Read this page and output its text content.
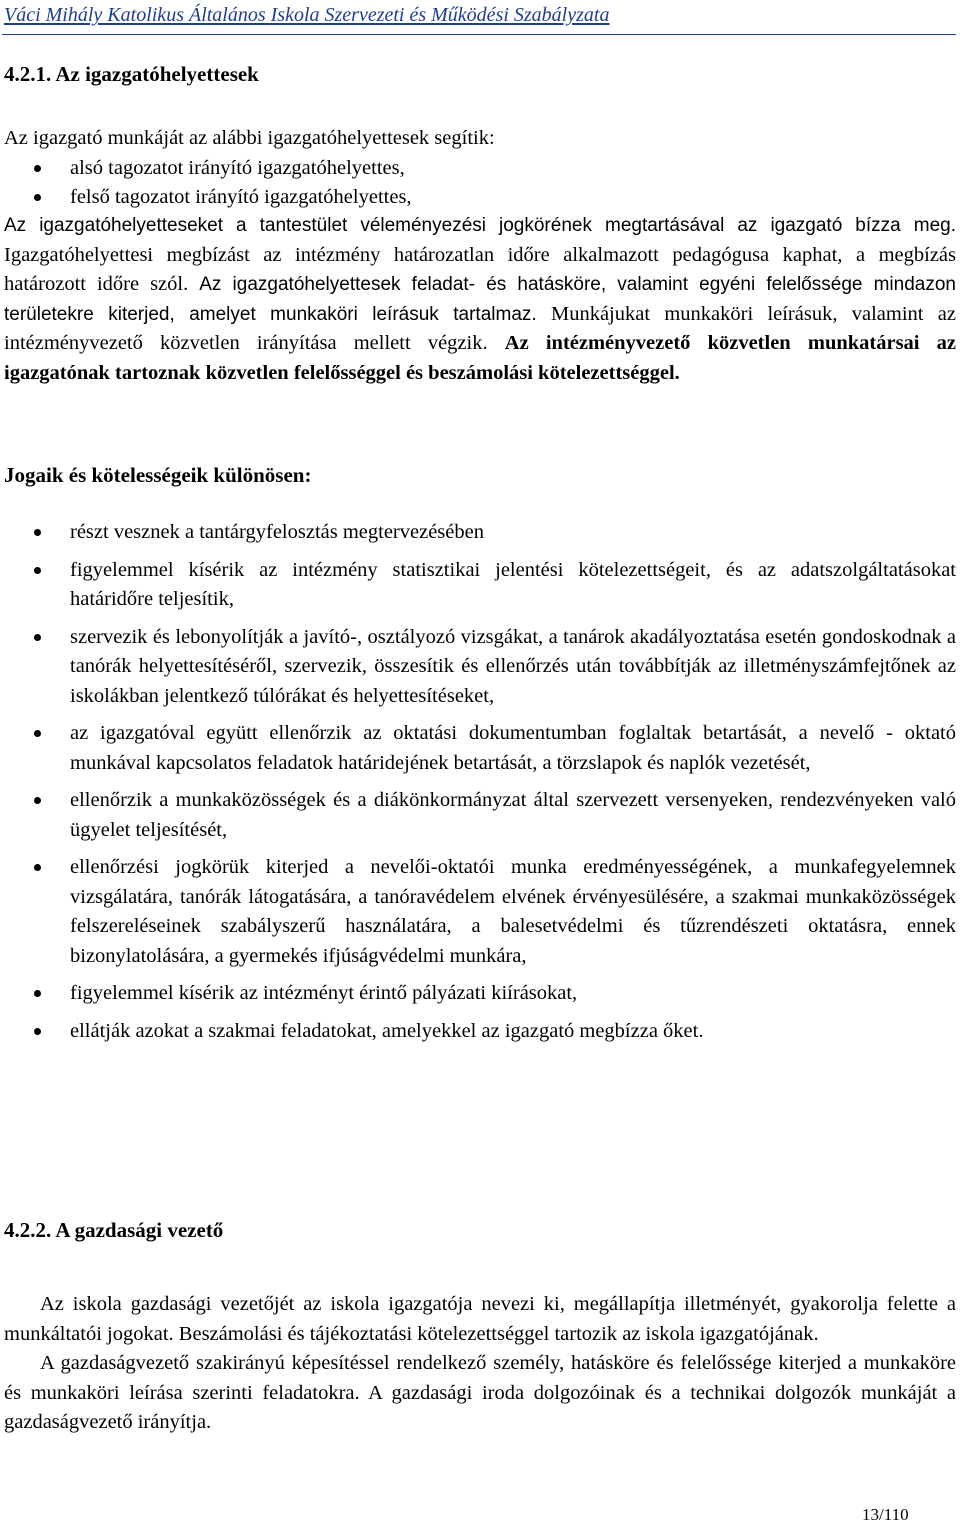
Váci Mihály Katolikus Általános Iskola Szervezeti és Működési Szabályzata
4.2.1. Az igazgatóhelyettesek
Az igazgató munkáját az alábbi igazgatóhelyettesek segítik:
alsó tagozatot irányító igazgatóhelyettes,
felső tagozatot irányító igazgatóhelyettes,

Az igazgatóhelyetteseket a tantestület véleményezési jogkörének megtartásával az igazgató bízza meg. Igazgatóhelyettesi megbízást az intézmény határozatlan időre alkalmazott pedagógusa kaphat, a megbízás határozott időre szól. Az igazgatóhelyettesek feladat- és hatásköre, valamint egyéni felelőssége mindazon területekre kiterjed, amelyet munkaköri leírásuk tartalmaz. Munkájukat munkaköri leírásuk, valamint az intézményvezető közvetlen irányítása mellett végzik. Az intézményvezető közvetlen munkatársai az igazgatónak tartoznak közvetlen felelősséggel és beszámolási kötelezettséggel.

Jogaik és kötelességeik különösen:
részt vesznek a tantárgyfelosztás megtervezésében
figyelemmel kísérik az intézmény statisztikai jelentési kötelezettségeit, és az adatszolgáltatásokat határidőre teljesítik,
szervezik és lebonyolítják a javító-, osztályozó vizsgákat, a tanárok akadályoztatása esetén gondoskodnak a tanórák helyettesítéséről, szervezik, összesítik és ellenőrzés után továbbítják az illetményszámfejtőnek az iskolákban jelentkező túlórákat és helyettesítéseket,
az igazgatóval együtt ellenőrzik az oktatási dokumentumban foglaltak betartását, a nevelő - oktató munkával kapcsolatos feladatok határidejének betartását, a törzslapok és naplók vezetését,
ellenőrzik a munkaközösségek és a diákönkormányzat által szervezett versenyeken, rendezvényeken való ügyelet teljesítését,
ellenőrzési jogkörük kiterjed a nevelői-oktatói munka eredményességének, a munkafegyelemnek vizsgálatára, tanórák látogatására, a tanóravédelem elvének érvényesülésére, a szakmai munkaközösségek felszereléseinek szabályszerű használatára, a balesetvédelmi és tűzrendészeti oktatásra, ennek bizonylatolására, a gyermekés ifjúságvédelmi munkára,
figyelemmel kísérik az intézményt érintő pályázati kiírásokat,
ellátják azokat a szakmai feladatokat, amelyekkel az igazgató megbízza őket.
4.2.2. A gazdasági vezető

Az iskola gazdasági vezetőjét az iskola igazgatója nevezi ki, megállapítja illetményét, gyakorolja felette a munkáltatói jogokat. Beszámolási és tájékoztatási kötelezettséggel tartozik az iskola igazgatójának.

A gazdaságvezető szakirányú képesítéssel rendelkező személy, hatásköre és felelőssége kiterjed a munkaköre és munkaköri leírása szerinti feladatokra. A gazdasági iroda dolgozóinak és a technikai dolgozók munkáját a gazdaságvezető irányítja.

13/110
